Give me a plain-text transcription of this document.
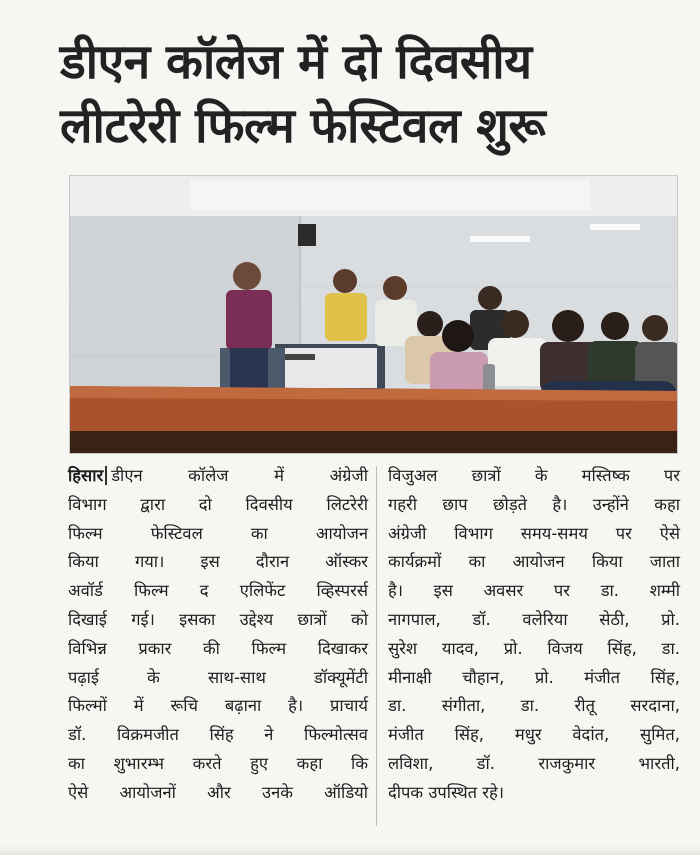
डीएन कॉलेज में दो दिवसीय
लीटरेरी फिल्म फेस्टिवल शुरू
हिसार डीएन कॉलेज में अंग्रेजी
विभाग द्वारा दो दिवसीय लिटरेरी
फिल्म फेस्टिवल का आयोजन
किया गया। इस दौरान ऑस्कर
अवॉर्ड फिल्म द एलिफेंट व्हिस्परर्स
दिखाई गई। इसका उद्देश्य छात्रों को
विभिन्न प्रकार की फिल्म दिखाकर
पढ़ाई के साथ-साथ डॉक्यूमेंटी
फिल्मों में रूचि बढ़ाना है। प्राचार्य
डॉ. विक्रमजीत सिंह ने फिल्मोत्सव
का शुभारम्भ करते हुए कहा कि
ऐसे आयोजनों और उनके ऑडियो
विजुअल छात्रों के मस्तिष्क पर
गहरी छाप छोड़ते है। उन्होंने कहा
अंग्रेजी विभाग समय-समय पर ऐसे
कार्यक्रमों का आयोजन किया जाता
है। इस अवसर पर डा. शम्मी
नागपाल, डॉ. वलेरिया सेठी, प्रो.
सुरेश यादव, प्रो. विजय सिंह, डा.
मीनाक्षी चौहान, प्रो. मंजीत सिंह,
डा. संगीता, डा. रीतू सरदाना,
मंजीत सिंह, मधुर वेदांत, सुमित,
लविशा, डॉ. राजकुमार भारती,
दीपक उपस्थित रहे।
